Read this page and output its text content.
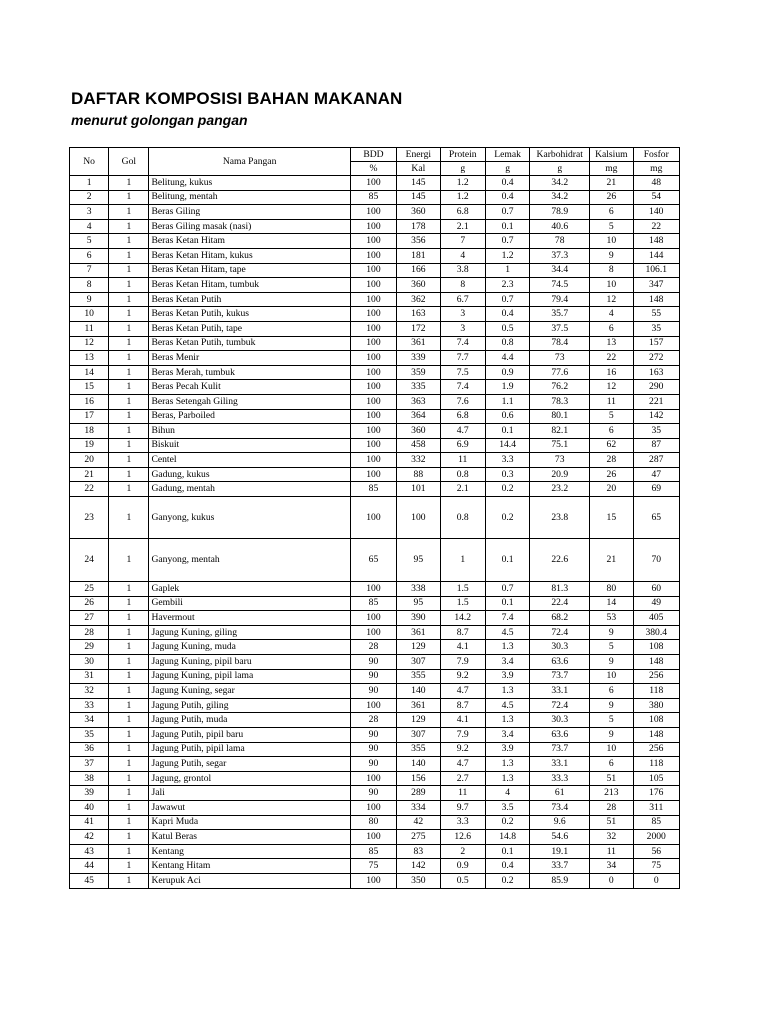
DAFTAR KOMPOSISI BAHAN MAKANAN
menurut golongan pangan
No	Gol	Nama Pangan	BDD	Energi	Protein	Lemak	Karbohidrat	Kalsium	Fosfor
			%	Kal	g	g	g	mg	mg
1	1	Belitung, kukus	100	145	1.2	0.4	34.2	21	48
2	1	Belitung, mentah	85	145	1.2	0.4	34.2	26	54
3	1	Beras Giling	100	360	6.8	0.7	78.9	6	140
4	1	Beras Giling masak (nasi)	100	178	2.1	0.1	40.6	5	22
5	1	Beras Ketan Hitam	100	356	7	0.7	78	10	148
6	1	Beras Ketan Hitam, kukus	100	181	4	1.2	37.3	9	144
7	1	Beras Ketan Hitam, tape	100	166	3.8	1	34.4	8	106.1
8	1	Beras Ketan Hitam, tumbuk	100	360	8	2.3	74.5	10	347
9	1	Beras Ketan Putih	100	362	6.7	0.7	79.4	12	148
10	1	Beras Ketan Putih, kukus	100	163	3	0.4	35.7	4	55
11	1	Beras Ketan Putih, tape	100	172	3	0.5	37.5	6	35
12	1	Beras Ketan Putih, tumbuk	100	361	7.4	0.8	78.4	13	157
13	1	Beras Menir	100	339	7.7	4.4	73	22	272
14	1	Beras Merah, tumbuk	100	359	7.5	0.9	77.6	16	163
15	1	Beras Pecah Kulit	100	335	7.4	1.9	76.2	12	290
16	1	Beras Setengah Giling	100	363	7.6	1.1	78.3	11	221
17	1	Beras, Parboiled	100	364	6.8	0.6	80.1	5	142
18	1	Bihun	100	360	4.7	0.1	82.1	6	35
19	1	Biskuit	100	458	6.9	14.4	75.1	62	87
20	1	Centel	100	332	11	3.3	73	28	287
21	1	Gadung, kukus	100	88	0.8	0.3	20.9	26	47
22	1	Gadung, mentah	85	101	2.1	0.2	23.2	20	69
23	1	Ganyong, kukus	100	100	0.8	0.2	23.8	15	65
24	1	Ganyong, mentah	65	95	1	0.1	22.6	21	70
25	1	Gaplek	100	338	1.5	0.7	81.3	80	60
26	1	Gembili	85	95	1.5	0.1	22.4	14	49
27	1	Havermout	100	390	14.2	7.4	68.2	53	405
28	1	Jagung Kuning, giling	100	361	8.7	4.5	72.4	9	380.4
29	1	Jagung Kuning, muda	28	129	4.1	1.3	30.3	5	108
30	1	Jagung Kuning, pipil baru	90	307	7.9	3.4	63.6	9	148
31	1	Jagung Kuning, pipil lama	90	355	9.2	3.9	73.7	10	256
32	1	Jagung Kuning, segar	90	140	4.7	1.3	33.1	6	118
33	1	Jagung Putih, giling	100	361	8.7	4.5	72.4	9	380
34	1	Jagung Putih, muda	28	129	4.1	1.3	30.3	5	108
35	1	Jagung Putih, pipil baru	90	307	7.9	3.4	63.6	9	148
36	1	Jagung Putih, pipil lama	90	355	9.2	3.9	73.7	10	256
37	1	Jagung Putih, segar	90	140	4.7	1.3	33.1	6	118
38	1	Jagung, grontol	100	156	2.7	1.3	33.3	51	105
39	1	Jali	90	289	11	4	61	213	176
40	1	Jawawut	100	334	9.7	3.5	73.4	28	311
41	1	Kapri Muda	80	42	3.3	0.2	9.6	51	85
42	1	Katul Beras	100	275	12.6	14.8	54.6	32	2000
43	1	Kentang	85	83	2	0.1	19.1	11	56
44	1	Kentang Hitam	75	142	0.9	0.4	33.7	34	75
45	1	Kerupuk Aci	100	350	0.5	0.2	85.9	0	0
